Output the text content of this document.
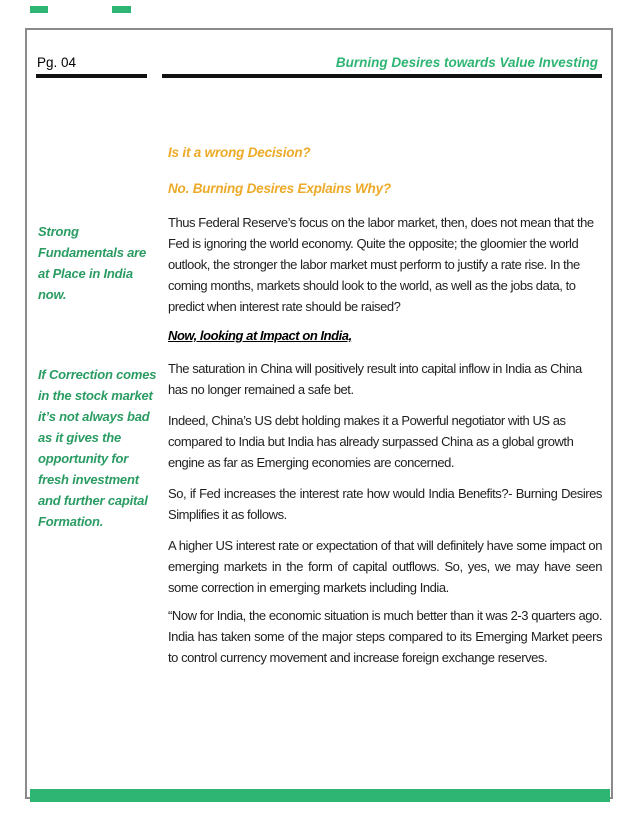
Pg. 04	Burning Desires towards Value Investing
Strong Fundamentals are at Place in India now.
If Correction comes in the stock market it’s not always bad as it gives the opportunity for fresh investment and further capital Formation.
Is it a wrong Decision?
No. Burning Desires Explains Why?

Thus Federal Reserve’s focus on the labor market, then, does not mean that the Fed is ignoring the world economy. Quite the opposite; the gloomier the world outlook, the stronger the labor market must perform to justify a rate rise. In the coming months, markets should look to the world, as well as the jobs data, to predict when interest rate should be raised?

Now, looking at Impact on India,

The saturation in China will positively result into capital inflow in India as China has no longer remained a safe bet.

Indeed, China’s US debt holding makes it a Powerful negotiator with US as compared to India but India has already surpassed China as a global growth engine as far as Emerging economies are concerned.

So, if Fed increases the interest rate how would India Benefits?- Burning Desires Simplifies it as follows.

A higher US interest rate or expectation of that will definitely have some impact on emerging markets in the form of capital outflows. So, yes, we may have seen some correction in emerging markets including India.

“Now for India, the economic situation is much better than it was 2-3 quarters ago. India has taken some of the major steps compared to its Emerging Market peers to control currency movement and increase foreign exchange reserves.
